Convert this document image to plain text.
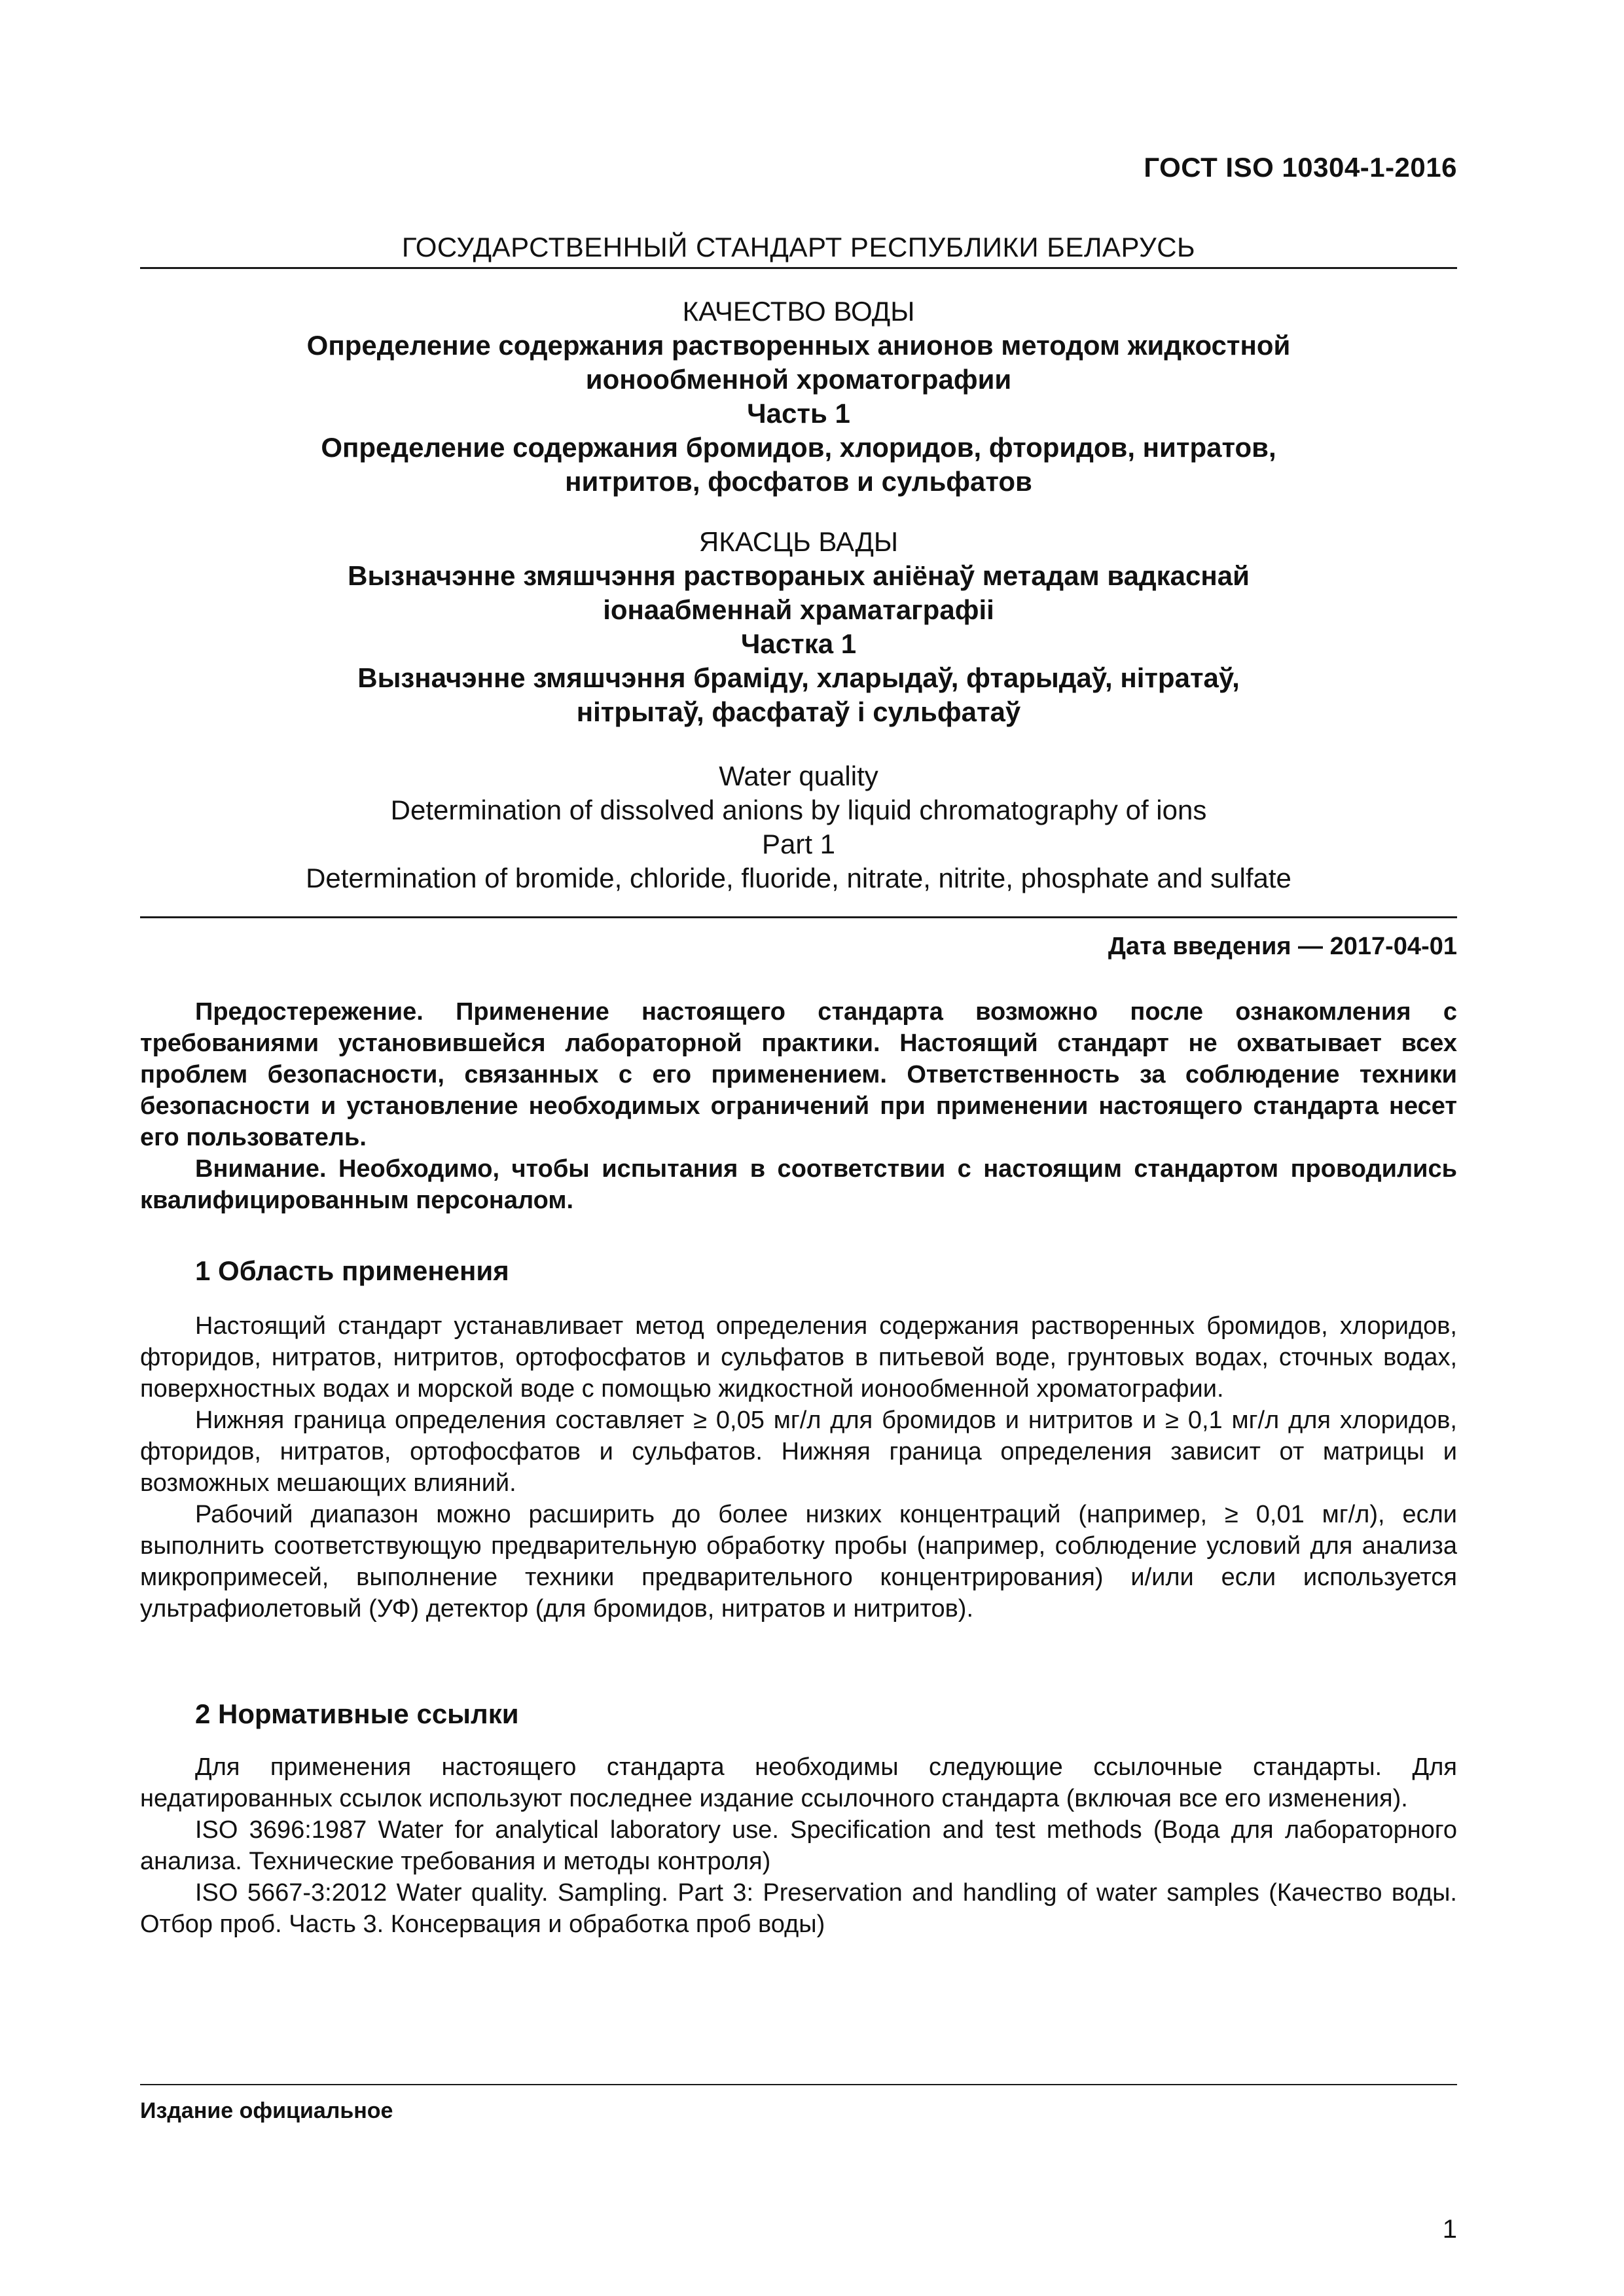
ГОСТ ISO 10304-1-2016
ГОСУДАРСТВЕННЫЙ СТАНДАРТ РЕСПУБЛИКИ БЕЛАРУСЬ
КАЧЕСТВО ВОДЫ
Определение содержания растворенных анионов методом жидкостной
ионообменной хроматографии
Часть 1
Определение содержания бромидов, хлоридов, фторидов, нитратов,
нитритов, фосфатов и сульфатов
ЯКАСЦЬ ВАДЫ
Вызначэнне змяшчэння раствораных аніёнаў метадам вадкаснай
іонаабменнай храматаграфіі
Частка 1
Вызначэнне змяшчэння браміду, хларыдаў, фтарыдаў, нітратаў,
нітрытаў, фасфатаў і сульфатаў
Water quality
Determination of dissolved anions by liquid chromatography of ions
Part 1
Determination of bromide, chloride, fluoride, nitrate, nitrite, phosphate and sulfate
Дата введения — 2017-04-01

Предостережение. Применение настоящего стандарта возможно после ознакомления с требованиями установившейся лабораторной практики. Настоящий стандарт не охватывает всех проблем безопасности, связанных с его применением. Ответственность за соблюдение техники безопасности и установление необходимых ограничений при применении настоящего стандарта несет его пользователь.

Внимание. Необходимо, чтобы испытания в соответствии с настоящим стандартом проводились квалифицированным персоналом.

1 Область применения

Настоящий стандарт устанавливает метод определения содержания растворенных бромидов, хлоридов, фторидов, нитратов, нитритов, ортофосфатов и сульфатов в питьевой воде, грунтовых водах, сточных водах, поверхностных водах и морской воде с помощью жидкостной ионообменной хроматографии.

Нижняя граница определения составляет ≥ 0,05 мг/л для бромидов и нитритов и ≥ 0,1 мг/л для хлоридов, фторидов, нитратов, ортофосфатов и сульфатов. Нижняя граница определения зависит от матрицы и возможных мешающих влияний.

Рабочий диапазон можно расширить до более низких концентраций (например, ≥ 0,01 мг/л), если выполнить соответствующую предварительную обработку пробы (например, соблюдение условий для анализа микропримесей, выполнение техники предварительного концентрирования) и/или если используется ультрафиолетовый (УФ) детектор (для бромидов, нитратов и нитритов).

2 Нормативные ссылки

Для применения настоящего стандарта необходимы следующие ссылочные стандарты. Для недатированных ссылок используют последнее издание ссылочного стандарта (включая все его изменения).

ISO 3696:1987 Water for analytical laboratory use. Specification and test methods (Вода для лабораторного анализа. Технические требования и методы контроля)

ISO 5667-3:2012 Water quality. Sampling. Part 3: Preservation and handling of water samples (Качество воды. Отбор проб. Часть 3. Консервация и обработка проб воды)

Издание официальное
1
